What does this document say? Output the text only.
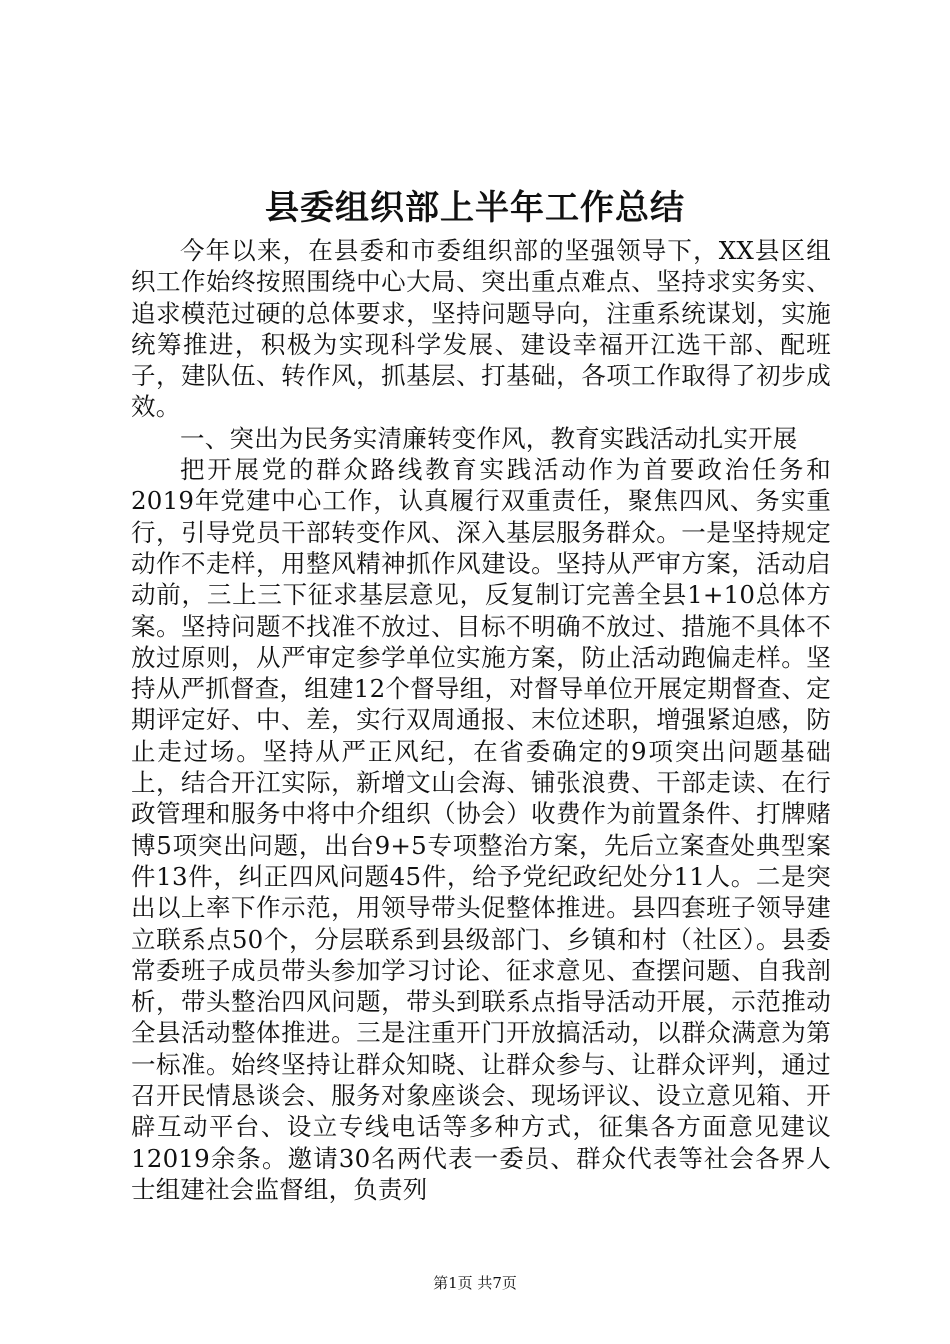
县委组织部上半年工作总结

今年以来，在县委和市委组织部的坚强领导下，XX县区组织工作始终按照围绕中心大局、突出重点难点、坚持求实务实、追求模范过硬的总体要求，坚持问题导向，注重系统谋划，实施统筹推进，积极为实现科学发展、建设幸福开江选干部、配班子，建队伍、转作风，抓基层、打基础，各项工作取得了初步成效。

一、突出为民务实清廉转变作风，教育实践活动扎实开展

把开展党的群众路线教育实践活动作为首要政治任务和2019年党建中心工作，认真履行双重责任，聚焦四风、务实重行，引导党员干部转变作风、深入基层服务群众。一是坚持规定动作不走样，用整风精神抓作风建设。坚持从严审方案，活动启动前，三上三下征求基层意见，反复制订完善全县1+10总体方案。坚持问题不找准不放过、目标不明确不放过、措施不具体不放过原则，从严审定参学单位实施方案，防止活动跑偏走样。坚持从严抓督查，组建12个督导组，对督导单位开展定期督查、定期评定好、中、差，实行双周通报、末位述职，增强紧迫感，防止走过场。坚持从严正风纪，在省委确定的9项突出问题基础上，结合开江实际，新增文山会海、铺张浪费、干部走读、在行政管理和服务中将中介组织（协会）收费作为前置条件、打牌赌博5项突出问题，出台9+5专项整治方案，先后立案查处典型案件13件，纠正四风问题45件，给予党纪政纪处分11人。二是突出以上率下作示范，用领导带头促整体推进。县四套班子领导建立联系点50个，分层联系到县级部门、乡镇和村（社区）。县委常委班子成员带头参加学习讨论、征求意见、查摆问题、自我剖析，带头整治四风问题，带头到联系点指导活动开展，示范推动全县活动整体推进。三是注重开门开放搞活动，以群众满意为第一标准。始终坚持让群众知晓、让群众参与、让群众评判，通过召开民情恳谈会、服务对象座谈会、现场评议、设立意见箱、开辟互动平台、设立专线电话等多种方式，征集各方面意见建议12019余条。邀请30名两代表一委员、群众代表等社会各界人士组建社会监督组，负责列

第1页 共7页
